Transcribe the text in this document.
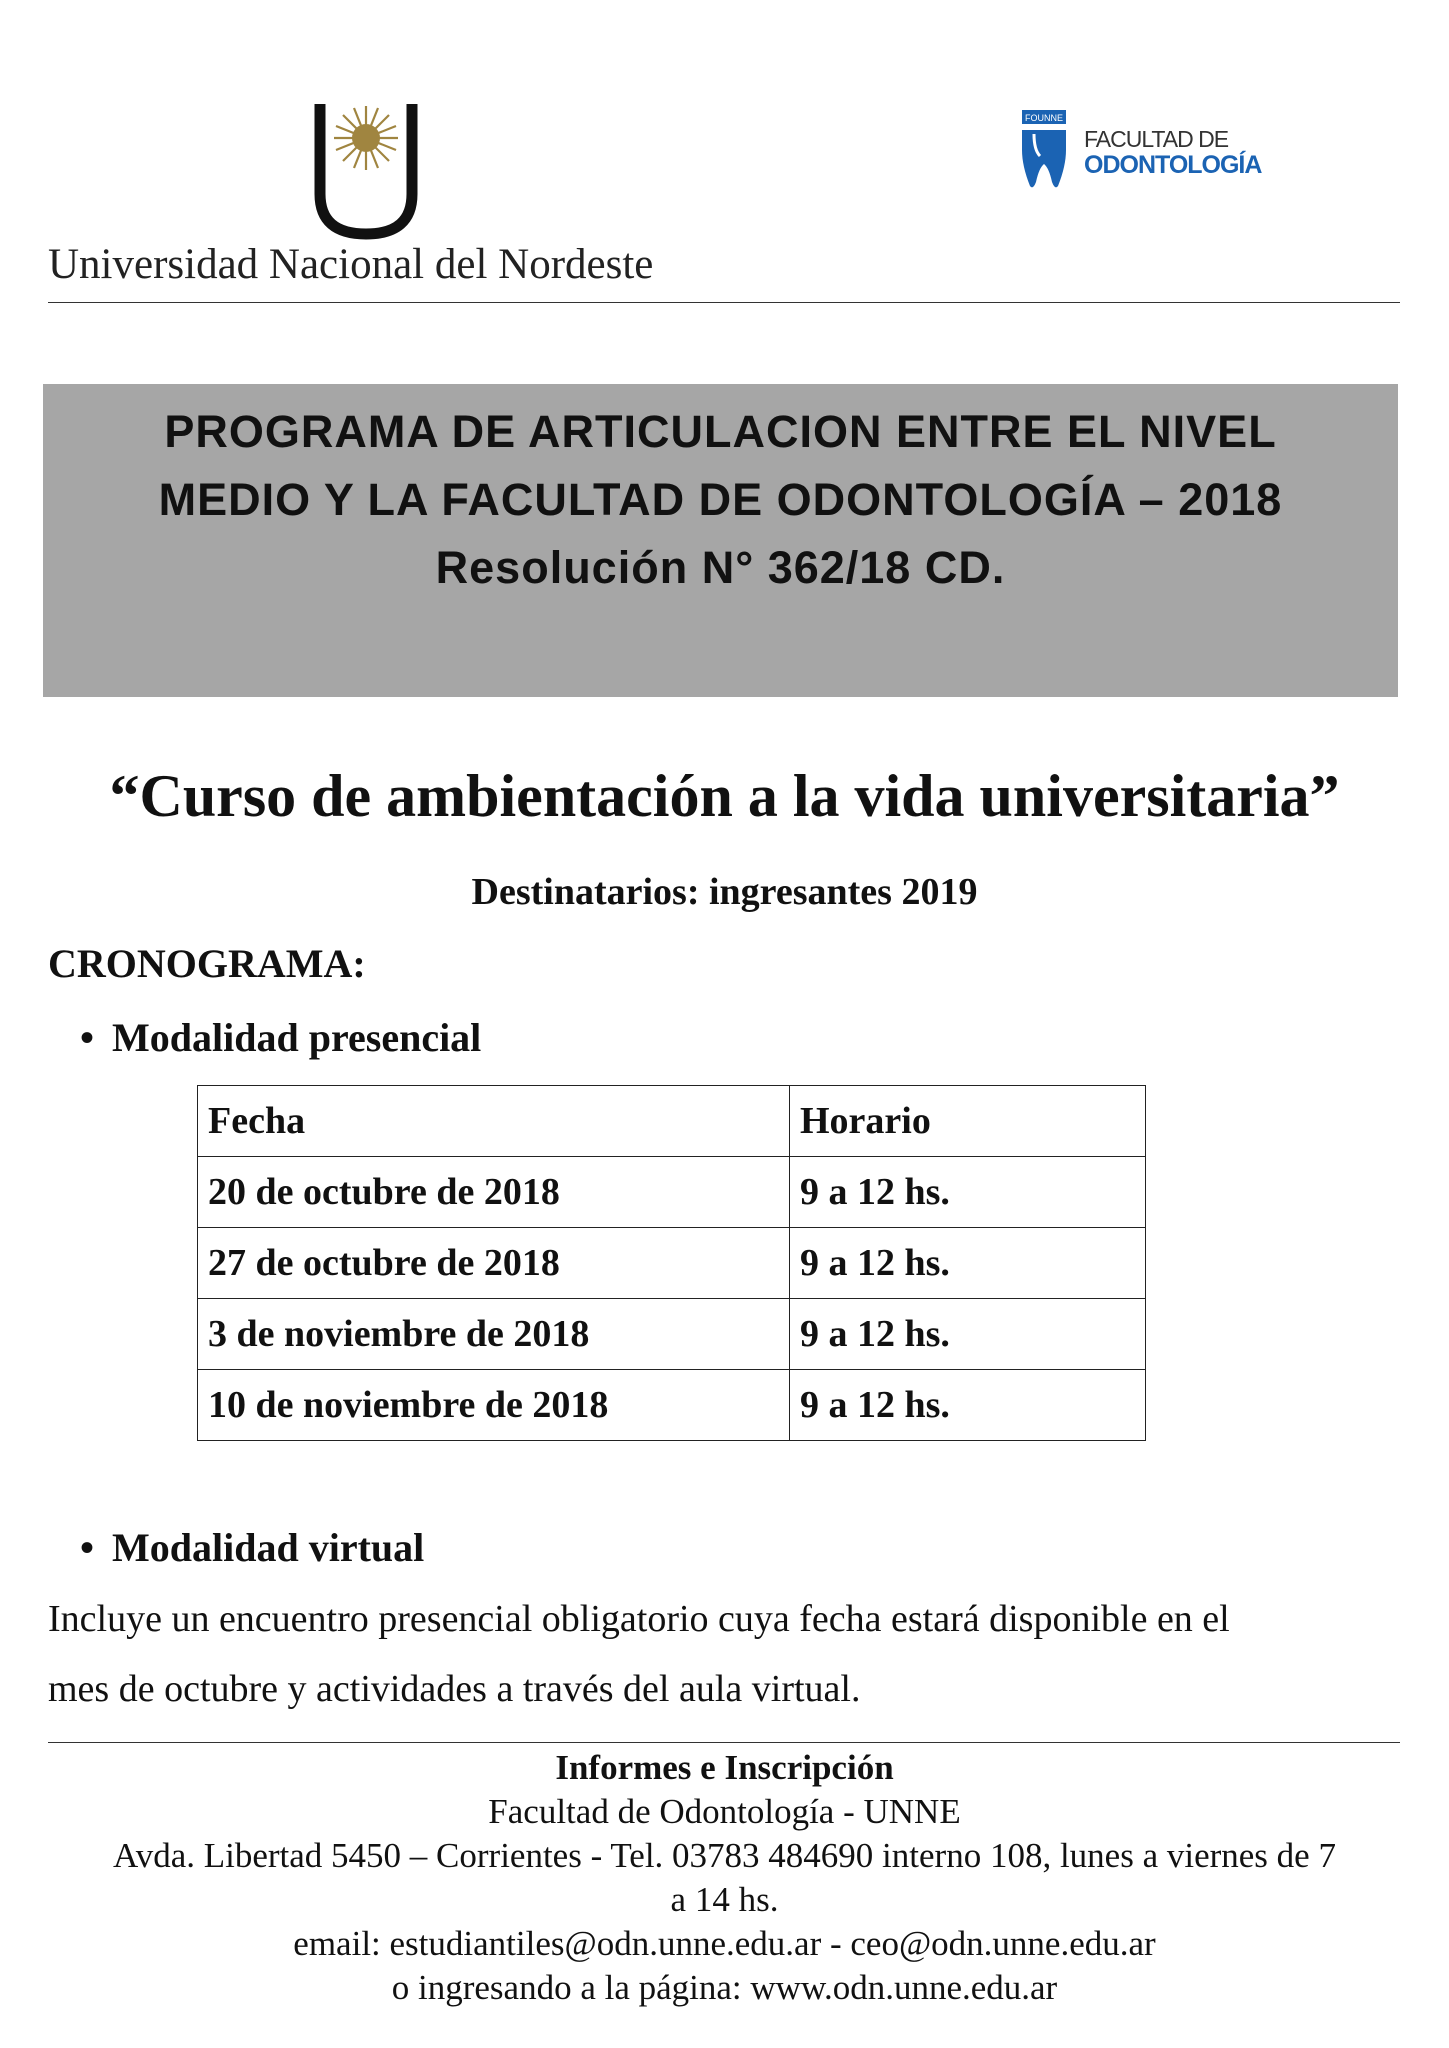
Universidad Nacional del Nordeste
FOUNNE
FACULTAD DE
ODONTOLOGÍA
PROGRAMA DE ARTICULACION ENTRE EL NIVEL
MEDIO Y LA FACULTAD DE ODONTOLOGÍA – 2018
Resolución N° 362/18 CD.
“Curso de ambientación a la vida universitaria”
Destinatarios: ingresantes 2019
CRONOGRAMA:
• Modalidad presencial
Fecha	Horario
20 de octubre de 2018	9 a 12 hs.
27 de octubre de 2018	9 a 12 hs.
3 de noviembre de 2018	9 a 12 hs.
10 de noviembre de 2018	9 a 12 hs.
• Modalidad virtual
Incluye un encuentro presencial obligatorio cuya fecha estará disponible en el
mes de octubre y actividades a través del aula virtual.
Informes e Inscripción
Facultad de Odontología - UNNE
Avda. Libertad 5450 – Corrientes - Tel. 03783 484690 interno 108, lunes a viernes de 7
a 14 hs.
email: estudiantiles@odn.unne.edu.ar - ceo@odn.unne.edu.ar
o ingresando a la página: www.odn.unne.edu.ar
